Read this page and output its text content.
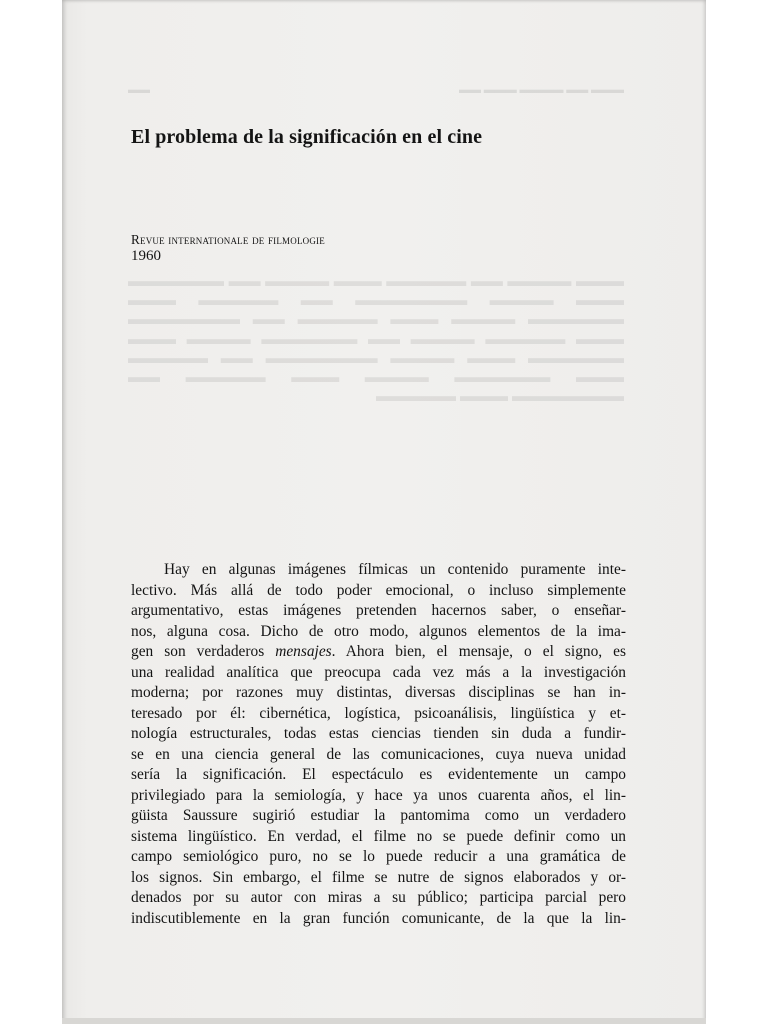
▬▬▬ ▬▬ ▬▬▬▬ ▬▬▬ ▬▬
▬▬
▬▬▬ ▬▬▬▬ ▬▬ ▬▬▬▬▬ ▬▬▬ ▬▬▬▬ ▬▬ ▬▬▬▬▬▬ ▬▬▬ ▬▬▬▬ ▬▬▬▬▬▬▬ ▬▬ ▬▬▬▬▬ ▬▬▬ ▬▬▬▬▬▬ ▬▬▬▬ ▬▬▬ ▬▬▬▬▬ ▬▬ ▬▬▬▬▬▬▬ ▬▬▬ ▬▬▬▬▬ ▬▬▬▬ ▬▬ ▬▬▬▬▬▬ ▬▬▬▬ ▬▬▬ ▬▬▬▬▬▬ ▬▬▬ ▬▬▬▬ ▬▬▬▬▬▬▬ ▬▬ ▬▬▬▬▬ ▬▬▬ ▬▬▬▬▬▬ ▬▬▬▬ ▬▬▬ ▬▬▬▬▬ ▬▬ ▬▬▬▬▬▬▬ ▬▬▬ ▬▬▬▬▬
El problema de la significación en el cine
Revue internationale de filmologie
1960
Hay en algunas imágenes fílmicas un contenido puramente inte-
lectivo. Más allá de todo poder emocional, o incluso simplemente
argumentativo, estas imágenes pretenden hacernos saber, o enseñar-
nos, alguna cosa. Dicho de otro modo, algunos elementos de la ima-
gen son verdaderos mensajes. Ahora bien, el mensaje, o el signo, es
una realidad analítica que preocupa cada vez más a la investigación
moderna; por razones muy distintas, diversas disciplinas se han in-
teresado por él: cibernética, logística, psicoanálisis, lingüística y et-
nología estructurales, todas estas ciencias tienden sin duda a fundir-
se en una ciencia general de las comunicaciones, cuya nueva unidad
sería la significación. El espectáculo es evidentemente un campo
privilegiado para la semiología, y hace ya unos cuarenta años, el lin-
güista Saussure sugirió estudiar la pantomima como un verdadero
sistema lingüístico. En verdad, el filme no se puede definir como un
campo semiológico puro, no se lo puede reducir a una gramática de
los signos. Sin embargo, el filme se nutre de signos elaborados y or-
denados por su autor con miras a su público; participa parcial pero
indiscutiblemente en la gran función comunicante, de la que la lin-
